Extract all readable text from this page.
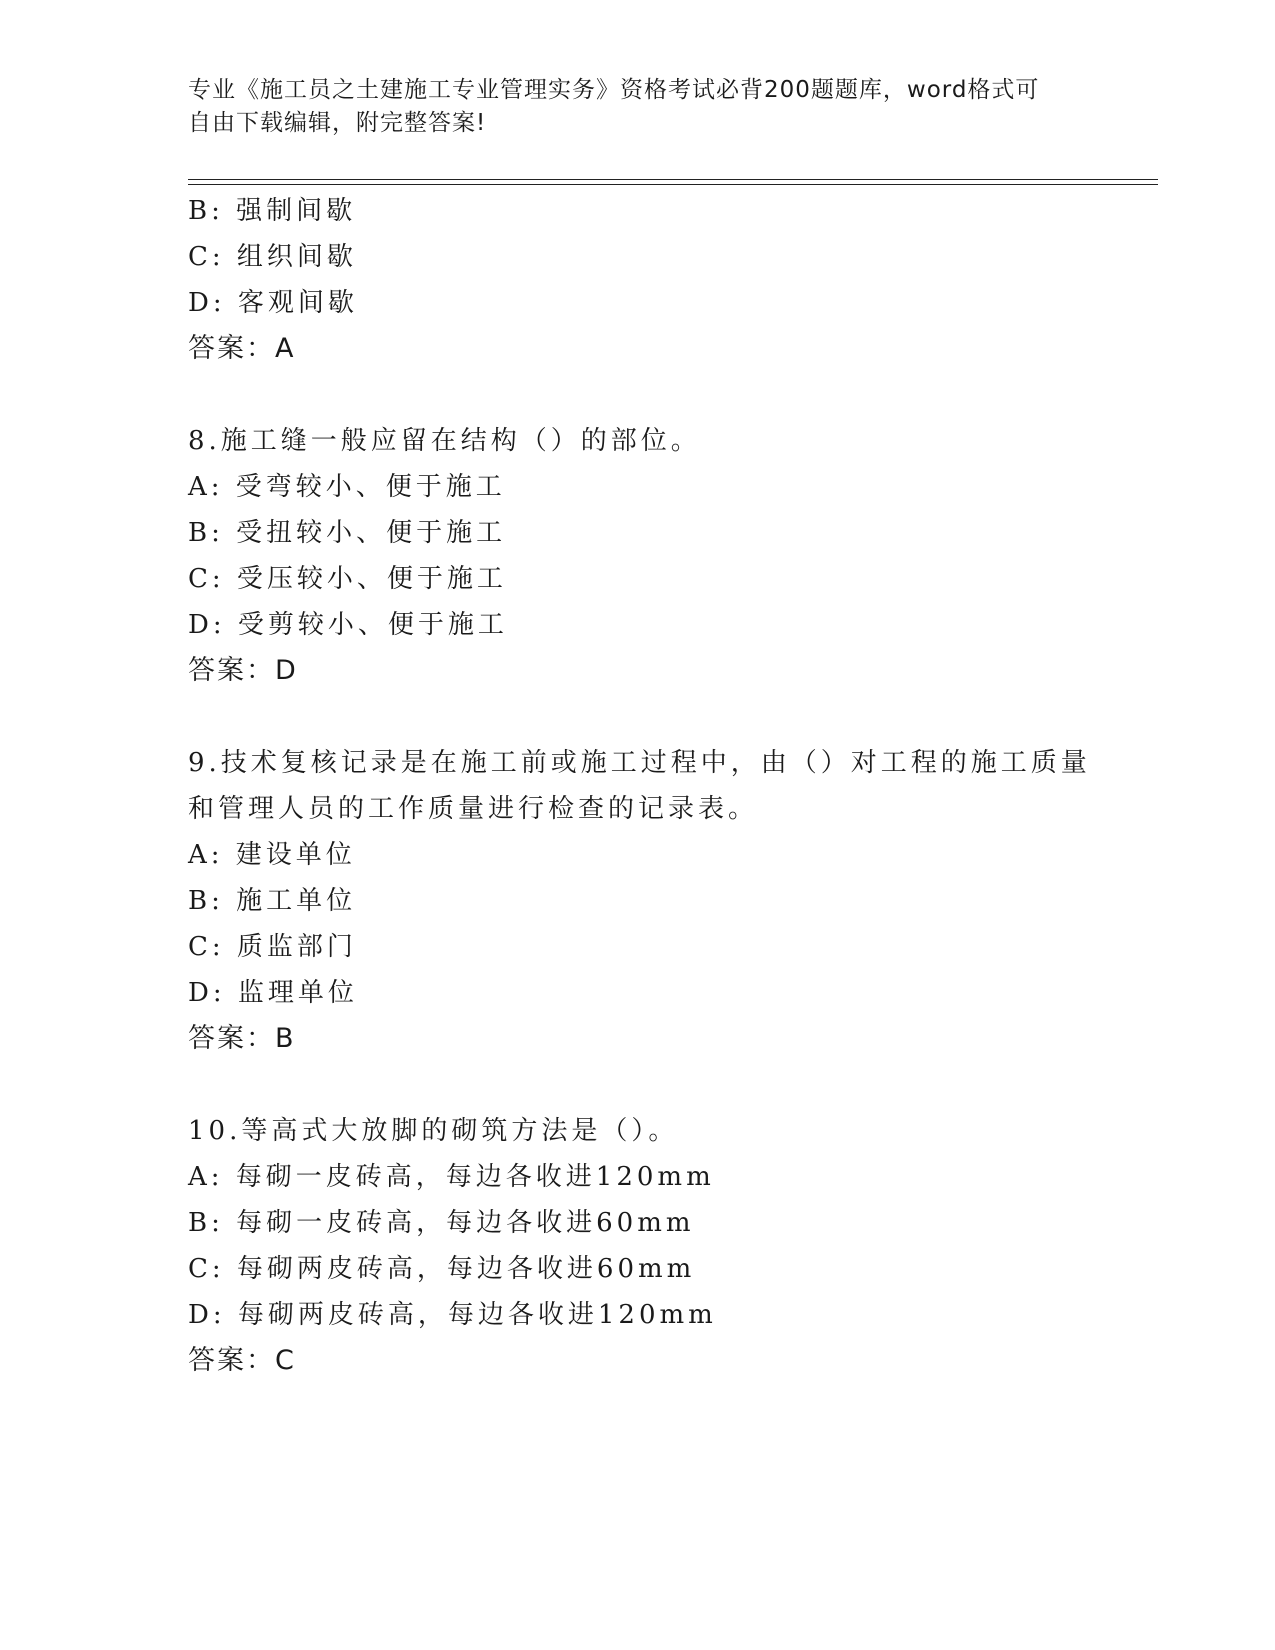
专业《施工员之土建施工专业管理实务》资格考试必背200题题库，word格式可
自由下载编辑，附完整答案!
B: 强制间歇
C: 组织间歇
D: 客观间歇
答案：A
8.施工缝一般应留在结构（）的部位。
A: 受弯较小、便于施工
B: 受扭较小、便于施工
C: 受压较小、便于施工
D: 受剪较小、便于施工
答案：D
9.技术复核记录是在施工前或施工过程中，由（）对工程的施工质量
和管理人员的工作质量进行检查的记录表。
A: 建设单位
B: 施工单位
C: 质监部门
D: 监理单位
答案：B
10.等高式大放脚的砌筑方法是（）。
A: 每砌一皮砖高，每边各收进120mm
B: 每砌一皮砖高，每边各收进60mm
C: 每砌两皮砖高，每边各收进60mm
D: 每砌两皮砖高，每边各收进120mm
答案：C
